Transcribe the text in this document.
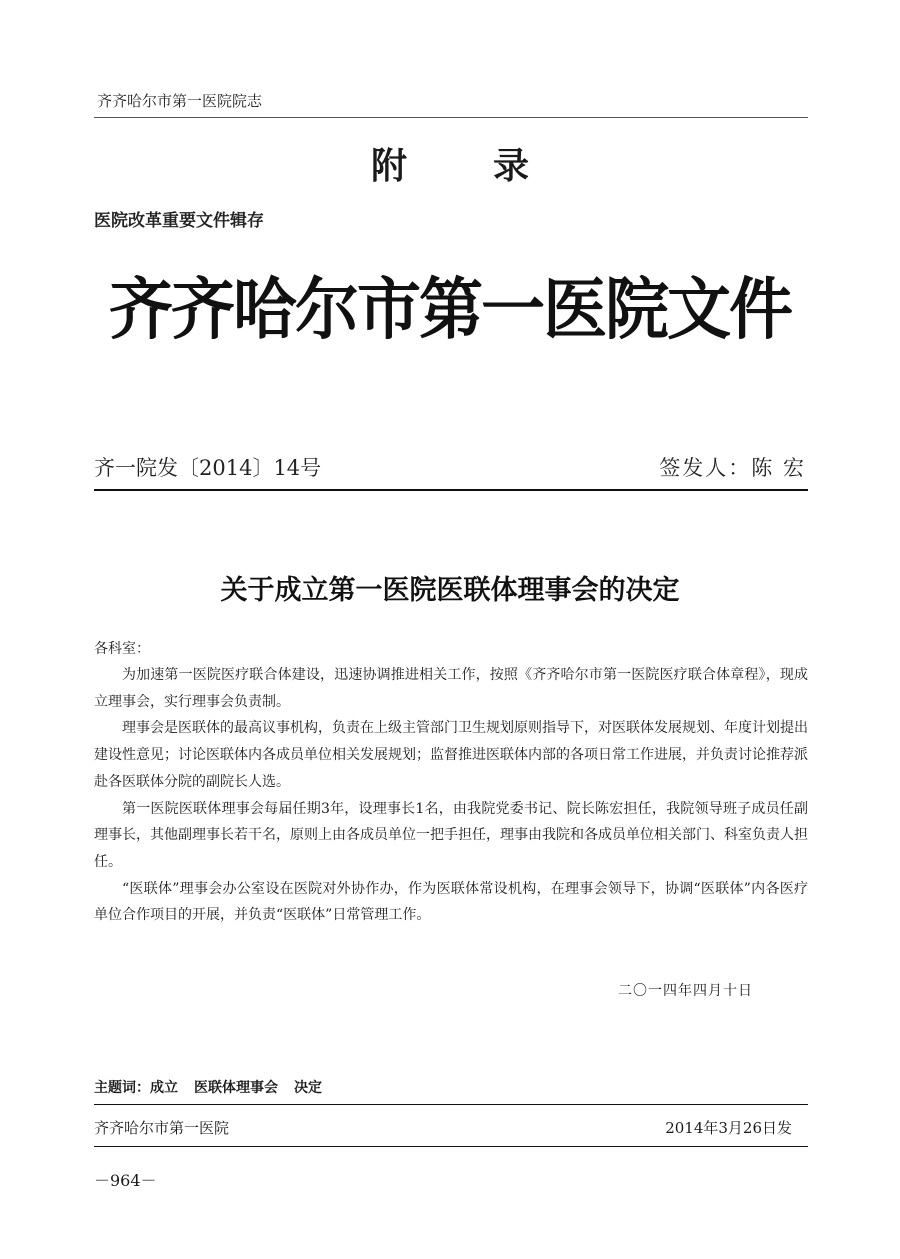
齐齐哈尔市第一医院院志
附录
医院改革重要文件辑存
齐齐哈尔市第一医院文件
齐一院发〔2014〕14号	签发人：陈 宏
关于成立第一医院医联体理事会的决定
各科室：

为加速第一医院医疗联合体建设，迅速协调推进相关工作，按照《齐齐哈尔市第一医院医疗联合体章程》，现成立理事会，实行理事会负责制。

理事会是医联体的最高议事机构，负责在上级主管部门卫生规划原则指导下，对医联体发展规划、年度计划提出建设性意见；讨论医联体内各成员单位相关发展规划；监督推进医联体内部的各项日常工作进展，并负责讨论推荐派赴各医联体分院的副院长人选。

第一医院医联体理事会每届任期3年，设理事长1名，由我院党委书记、院长陈宏担任，我院领导班子成员任副理事长，其他副理事长若干名，原则上由各成员单位一把手担任，理事由我院和各成员单位相关部门、科室负责人担任。

“医联体”理事会办公室设在医院对外协作办，作为医联体常设机构，在理事会领导下，协调“医联体”内各医疗单位合作项目的开展，并负责“医联体”日常管理工作。

二〇一四年四月十日
主题词：成立 医联体理事会 决定
齐齐哈尔市第一医院	2014年3月26日发
－964－
